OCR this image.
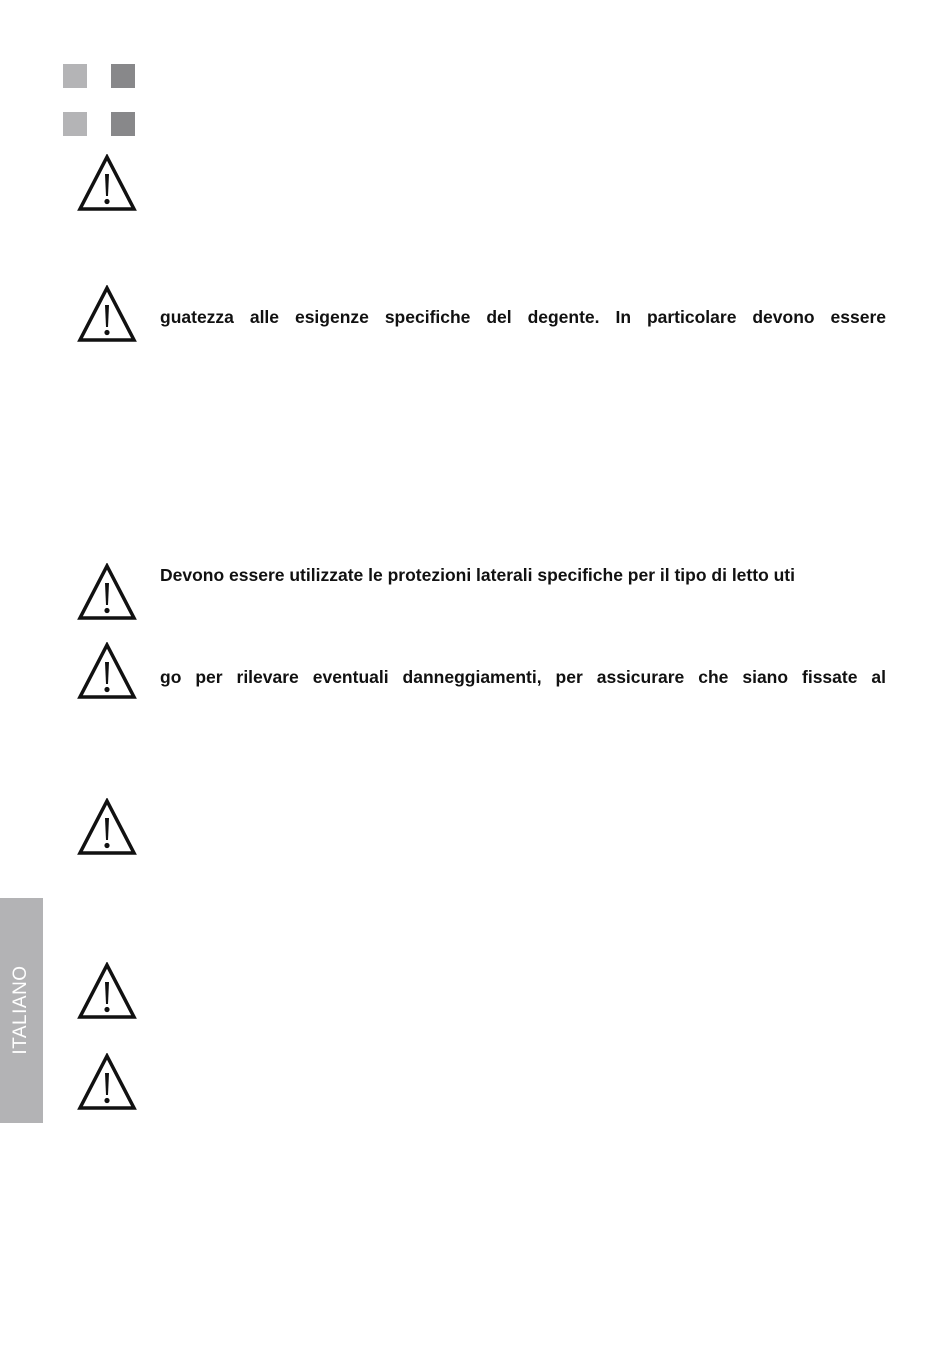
guatezza alle esigenze specifiche del degente. In particolare devono essere
Devono essere utilizzate le protezioni laterali specifiche per il tipo di letto uti
go per rilevare eventuali danneggiamenti, per assicurare che siano fissate al
ITALIANO
